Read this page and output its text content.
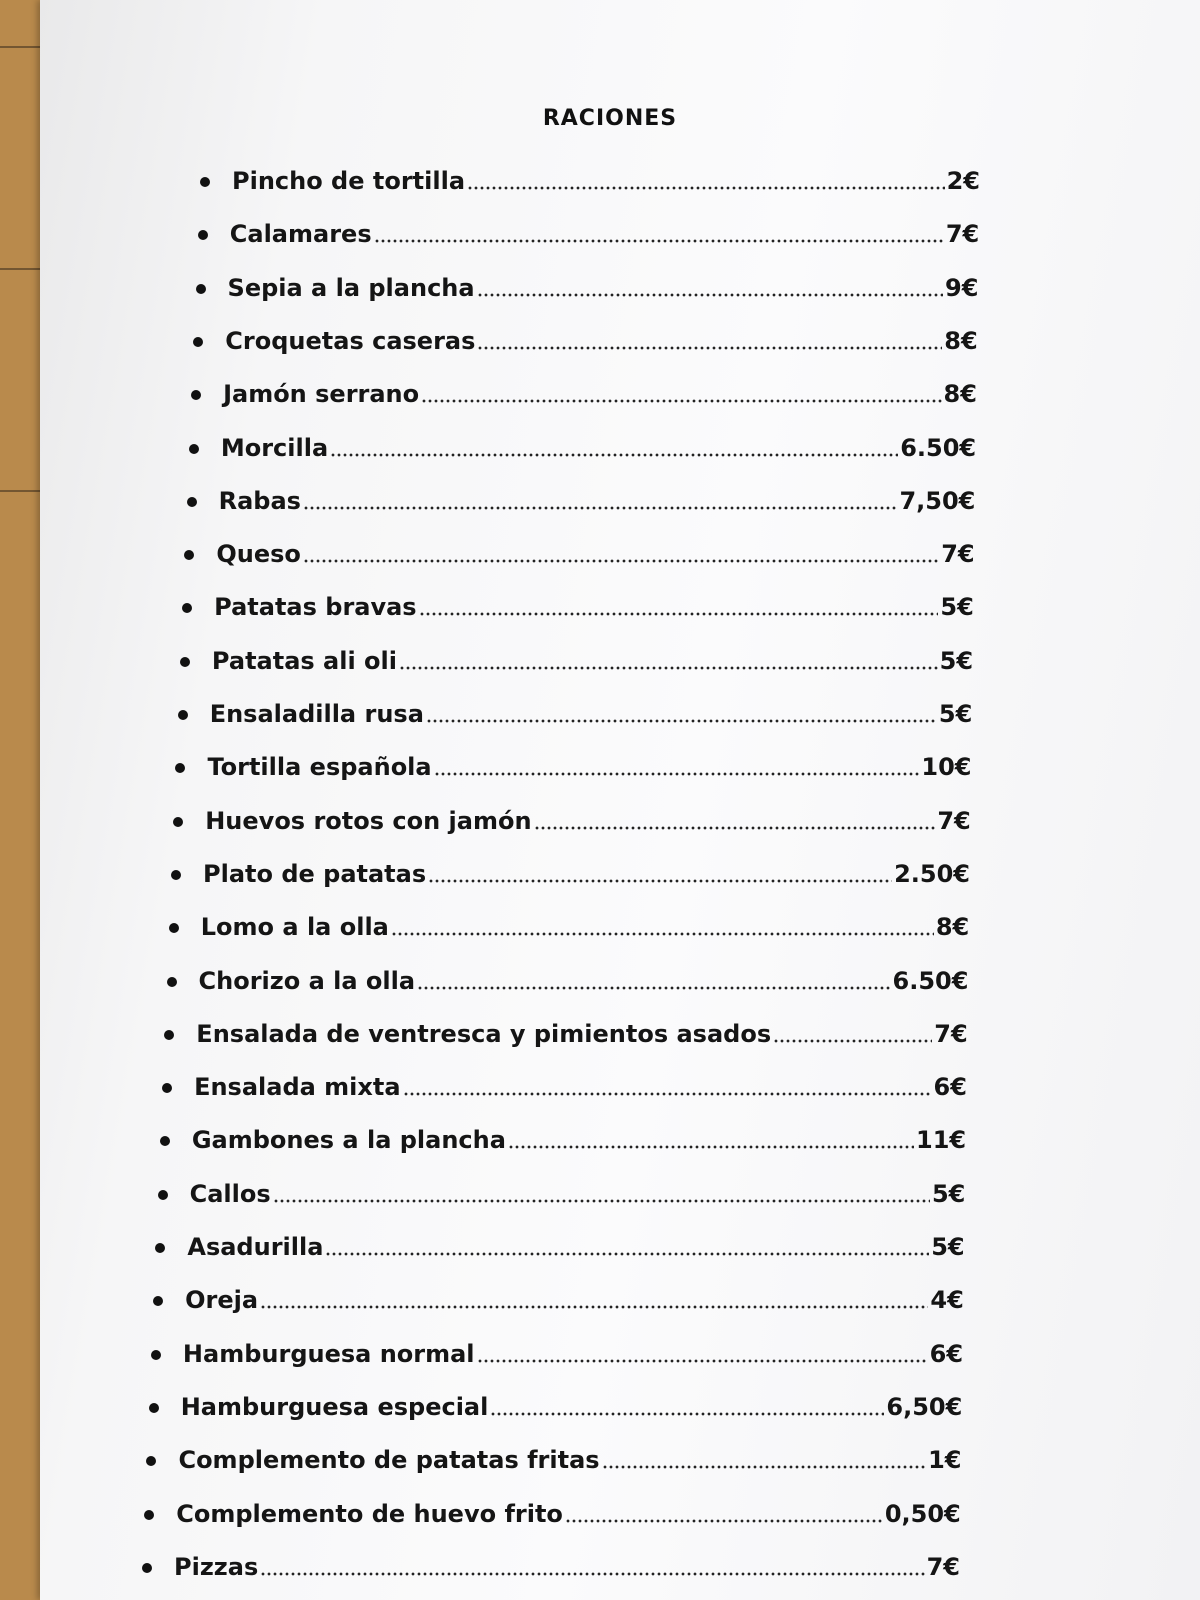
RACIONES
Pincho de tortilla	2€
Calamares	7€
Sepia a la plancha	9€
Croquetas caseras	8€
Jamón serrano	8€
Morcilla	6.50€
Rabas	7,50€
Queso	7€
Patatas bravas	5€
Patatas ali oli	5€
Ensaladilla rusa	5€
Tortilla española	10€
Huevos rotos con jamón	7€
Plato de patatas	2.50€
Lomo a la olla	8€
Chorizo a la olla	6.50€
Ensalada de ventresca y pimientos asados	7€
Ensalada mixta	6€
Gambones a la plancha	11€
Callos	5€
Asadurilla	5€
Oreja	4€
Hamburguesa normal	6€
Hamburguesa especial	6,50€
Complemento de patatas fritas	1€
Complemento de huevo frito	0,50€
Pizzas	7€
